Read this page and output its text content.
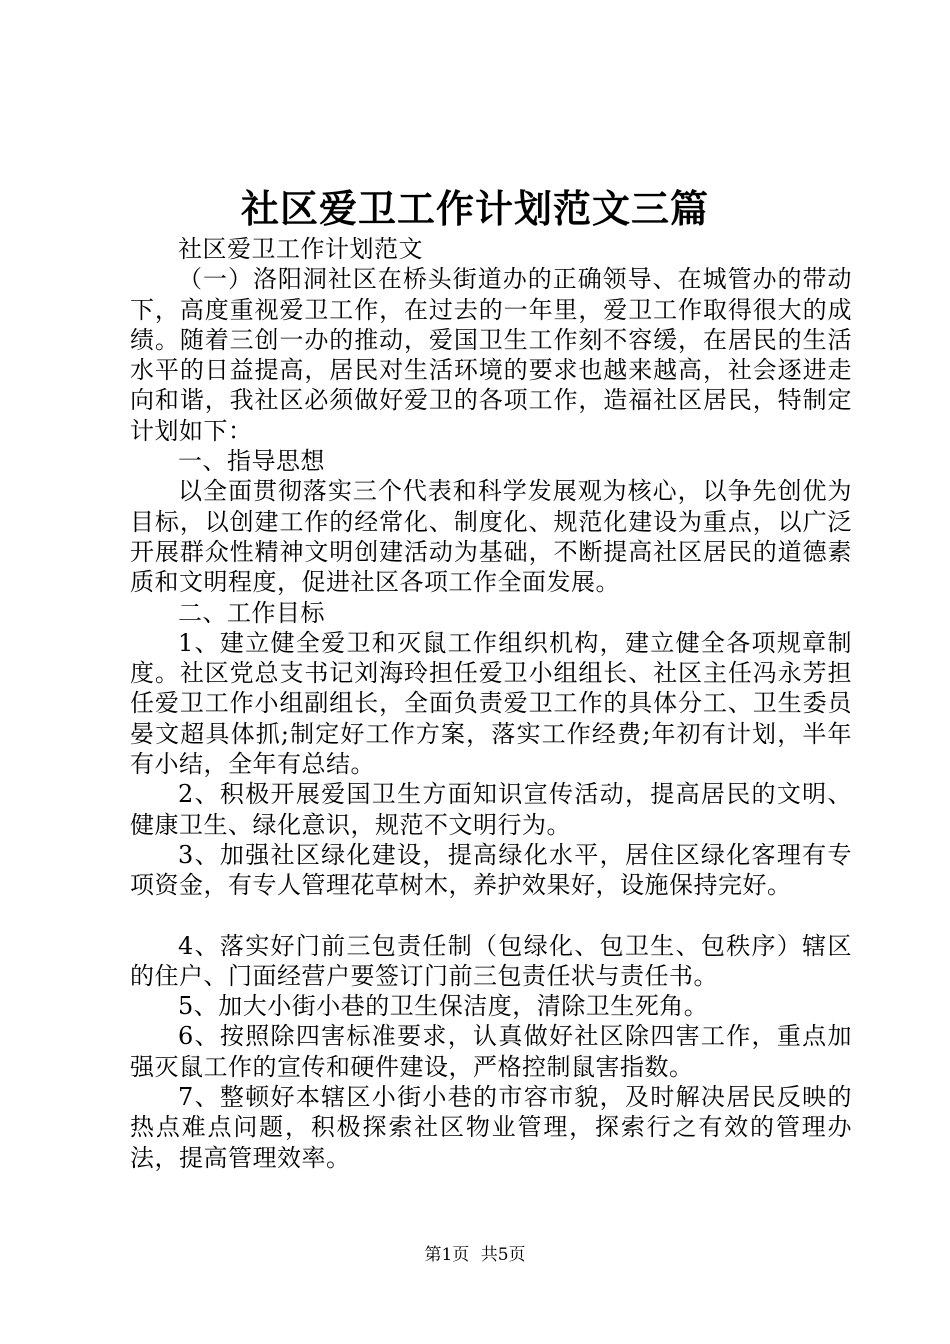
社区爱卫工作计划范文三篇

社区爱卫工作计划范文

（一）洛阳洞社区在桥头街道办的正确领导、在城管办的带动下，高度重视爱卫工作，在过去的一年里，爱卫工作取得很大的成绩。随着三创一办的推动，爱国卫生工作刻不容缓，在居民的生活水平的日益提高，居民对生活环境的要求也越来越高，社会逐进走向和谐，我社区必须做好爱卫的各项工作，造福社区居民，特制定计划如下：

一、指导思想

以全面贯彻落实三个代表和科学发展观为核心，以争先创优为目标，以创建工作的经常化、制度化、规范化建设为重点，以广泛开展群众性精神文明创建活动为基础，不断提高社区居民的道德素质和文明程度，促进社区各项工作全面发展。

二、工作目标

1、建立健全爱卫和灭鼠工作组织机构，建立健全各项规章制度。社区党总支书记刘海玲担任爱卫小组组长、社区主任冯永芳担任爱卫工作小组副组长，全面负责爱卫工作的具体分工、卫生委员晏文超具体抓;制定好工作方案，落实工作经费;年初有计划，半年有小结，全年有总结。

2、积极开展爱国卫生方面知识宣传活动，提高居民的文明、健康卫生、绿化意识，规范不文明行为。

3、加强社区绿化建设，提高绿化水平，居住区绿化客理有专项资金，有专人管理花草树木，养护效果好，设施保持完好。

4、落实好门前三包责任制（包绿化、包卫生、包秩序）辖区的住户、门面经营户要签订门前三包责任状与责任书。

5、加大小街小巷的卫生保洁度，清除卫生死角。

6、按照除四害标准要求，认真做好社区除四害工作，重点加强灭鼠工作的宣传和硬件建设，严格控制鼠害指数。

7、整顿好本辖区小街小巷的市容市貌，及时解决居民反映的热点难点问题，积极探索社区物业管理，探索行之有效的管理办法，提高管理效率。

第1页 共5页
